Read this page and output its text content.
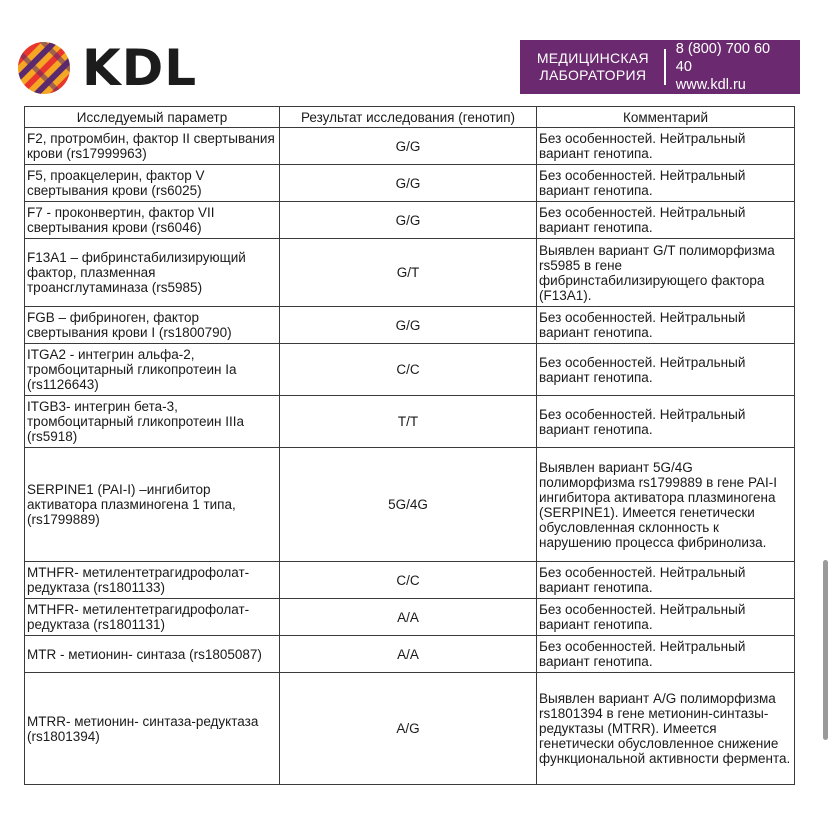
KDL	МЕДИЦИНСКАЯ
ЛАБОРАТОРИЯ
8 (800) 700 60 40
www.kdl.ru
Исследуемый параметр	Результат исследования (генотип)	Комментарий
F2, протромбин, фактор II свертывания крови (rs17999963)	G/G	Без особенностей. Нейтральный вариант генотипа.
F5, проакцелерин, фактор V свертывания крови (rs6025)	G/G	Без особенностей. Нейтральный вариант генотипа.
F7 - проконвертин, фактор VII свертывания крови (rs6046)	G/G	Без особенностей. Нейтральный вариант генотипа.
F13A1 – фибринстабилизирующий фактор, плазменная троансглутаминаза (rs5985)	G/T	Выявлен вариант G/T полиморфизма rs5985 в гене фибринстабилизирующего фактора (F13A1).
FGB – фибриноген, фактор свертывания крови I (rs1800790)	G/G	Без особенностей. Нейтральный вариант генотипа.
ITGA2 - интегрин альфа-2, тромбоцитарный гликопротеин Ia (rs1126643)	C/C	Без особенностей. Нейтральный вариант генотипа.
ITGB3- интегрин бета-3, тромбоцитарный гликопротеин IIIa (rs5918)	T/T	Без особенностей. Нейтральный вариант генотипа.
SERPINE1 (PAI-I) –ингибитор активатора плазминогена 1 типа, (rs1799889)	5G/4G	Выявлен вариант 5G/4G полиморфизма rs1799889 в гене PAI-I ингибитора активатора плазминогена (SERPINE1). Имеется генетически обусловленная склонность к нарушению процесса фибринолиза.
MTHFR- метилентетрагидрофолат-редуктаза (rs1801133)	C/C	Без особенностей. Нейтральный вариант генотипа.
MTHFR- метилентетрагидрофолат-редуктаза (rs1801131)	A/A	Без особенностей. Нейтральный вариант генотипа.
MTR - метионин- синтаза (rs1805087)	A/A	Без особенностей. Нейтральный вариант генотипа.
MTRR- метионин- синтаза-редуктаза (rs1801394)	A/G	Выявлен вариант A/G полиморфизма rs1801394 в гене метионин-синтазы-редуктазы (MTRR). Имеется генетически обусловленное снижение функциональной активности фермента.
